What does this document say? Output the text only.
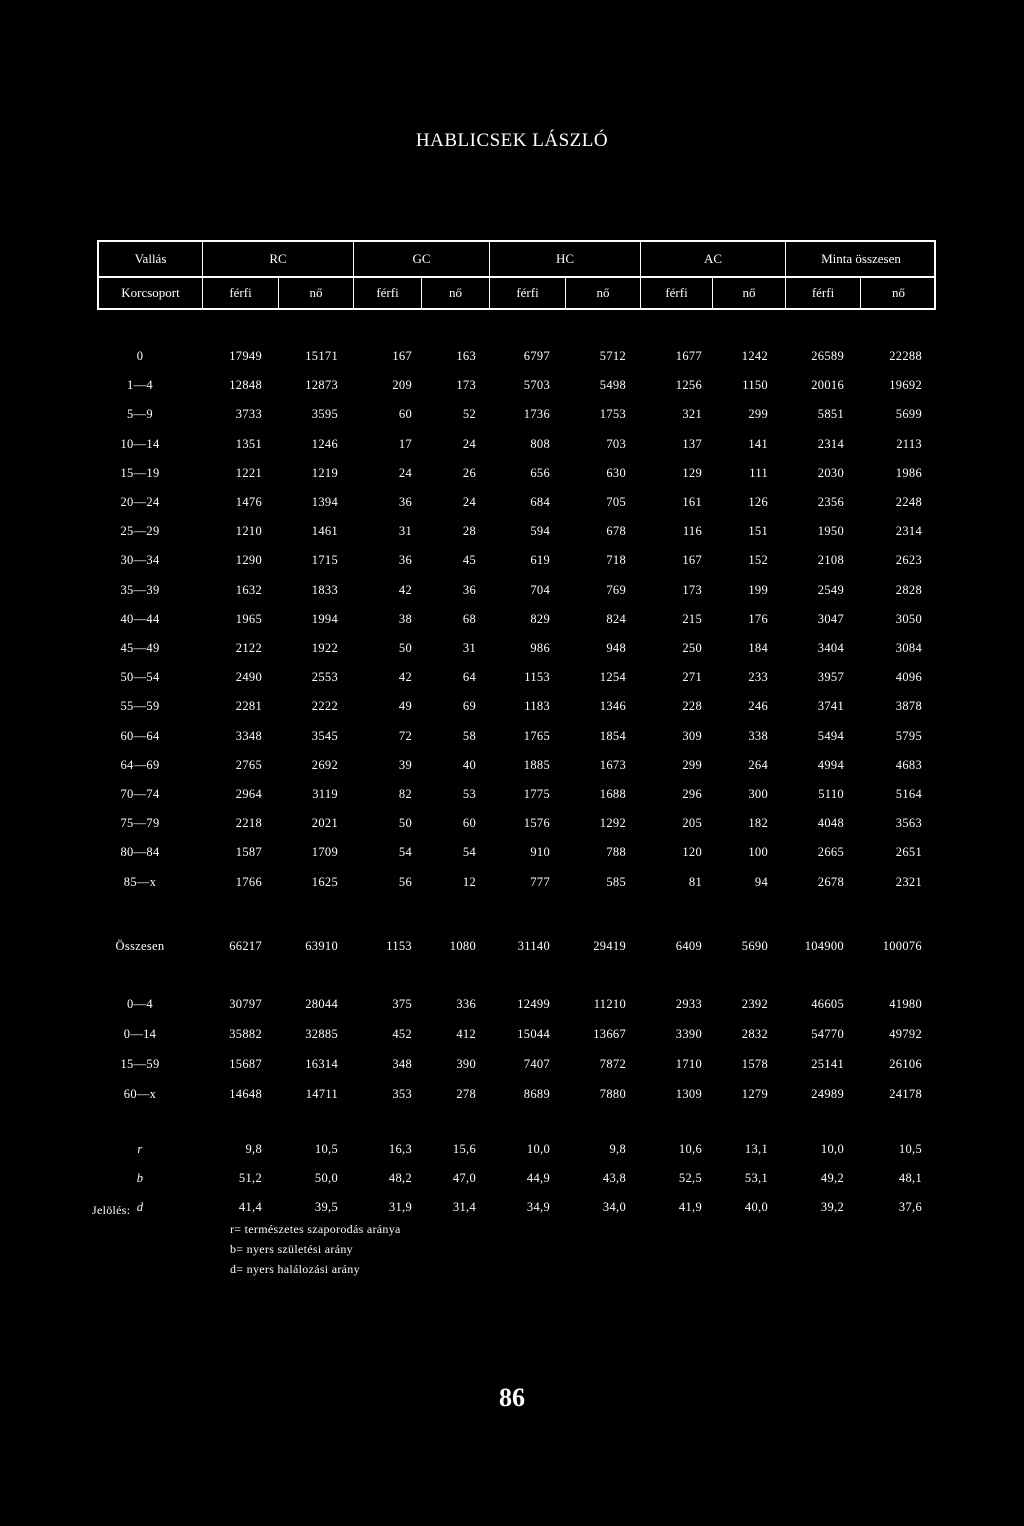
HABLICSEK LÁSZLÓ
Vallás	RC	GC	HC	AC	Minta összesen
Korcsoport	férfi	nő	férfi	nő	férfi	nő	férfi	nő	férfi	nő
0	17949	15171	167	163	6797	5712	1677	1242	26589	22288
1—4	12848	12873	209	173	5703	5498	1256	1150	20016	19692
5—9	3733	3595	60	52	1736	1753	321	299	5851	5699
10—14	1351	1246	17	24	808	703	137	141	2314	2113
15—19	1221	1219	24	26	656	630	129	111	2030	1986
20—24	1476	1394	36	24	684	705	161	126	2356	2248
25—29	1210	1461	31	28	594	678	116	151	1950	2314
30—34	1290	1715	36	45	619	718	167	152	2108	2623
35—39	1632	1833	42	36	704	769	173	199	2549	2828
40—44	1965	1994	38	68	829	824	215	176	3047	3050
45—49	2122	1922	50	31	986	948	250	184	3404	3084
50—54	2490	2553	42	64	1153	1254	271	233	3957	4096
55—59	2281	2222	49	69	1183	1346	228	246	3741	3878
60—64	3348	3545	72	58	1765	1854	309	338	5494	5795
64—69	2765	2692	39	40	1885	1673	299	264	4994	4683
70—74	2964	3119	82	53	1775	1688	296	300	5110	5164
75—79	2218	2021	50	60	1576	1292	205	182	4048	3563
80—84	1587	1709	54	54	910	788	120	100	2665	2651
85—x	1766	1625	56	12	777	585	81	94	2678	2321
Összesen	66217	63910	1153	1080	31140	29419	6409	5690	104900	100076
0—4	30797	28044	375	336	12499	11210	2933	2392	46605	41980
0—14	35882	32885	452	412	15044	13667	3390	2832	54770	49792
15—59	15687	16314	348	390	7407	7872	1710	1578	25141	26106
60—x	14648	14711	353	278	8689	7880	1309	1279	24989	24178
r	9,8	10,5	16,3	15,6	10,0	9,8	10,6	13,1	10,0	10,5
b	51,2	50,0	48,2	47,0	44,9	43,8	52,5	53,1	49,2	48,1
d	41,4	39,5	31,9	31,4	34,9	34,0	41,9	40,0	39,2	37,6
Jelölés:
r= természetes szaporodás aránya
b= nyers születési arány
d= nyers halálozási arány
86
